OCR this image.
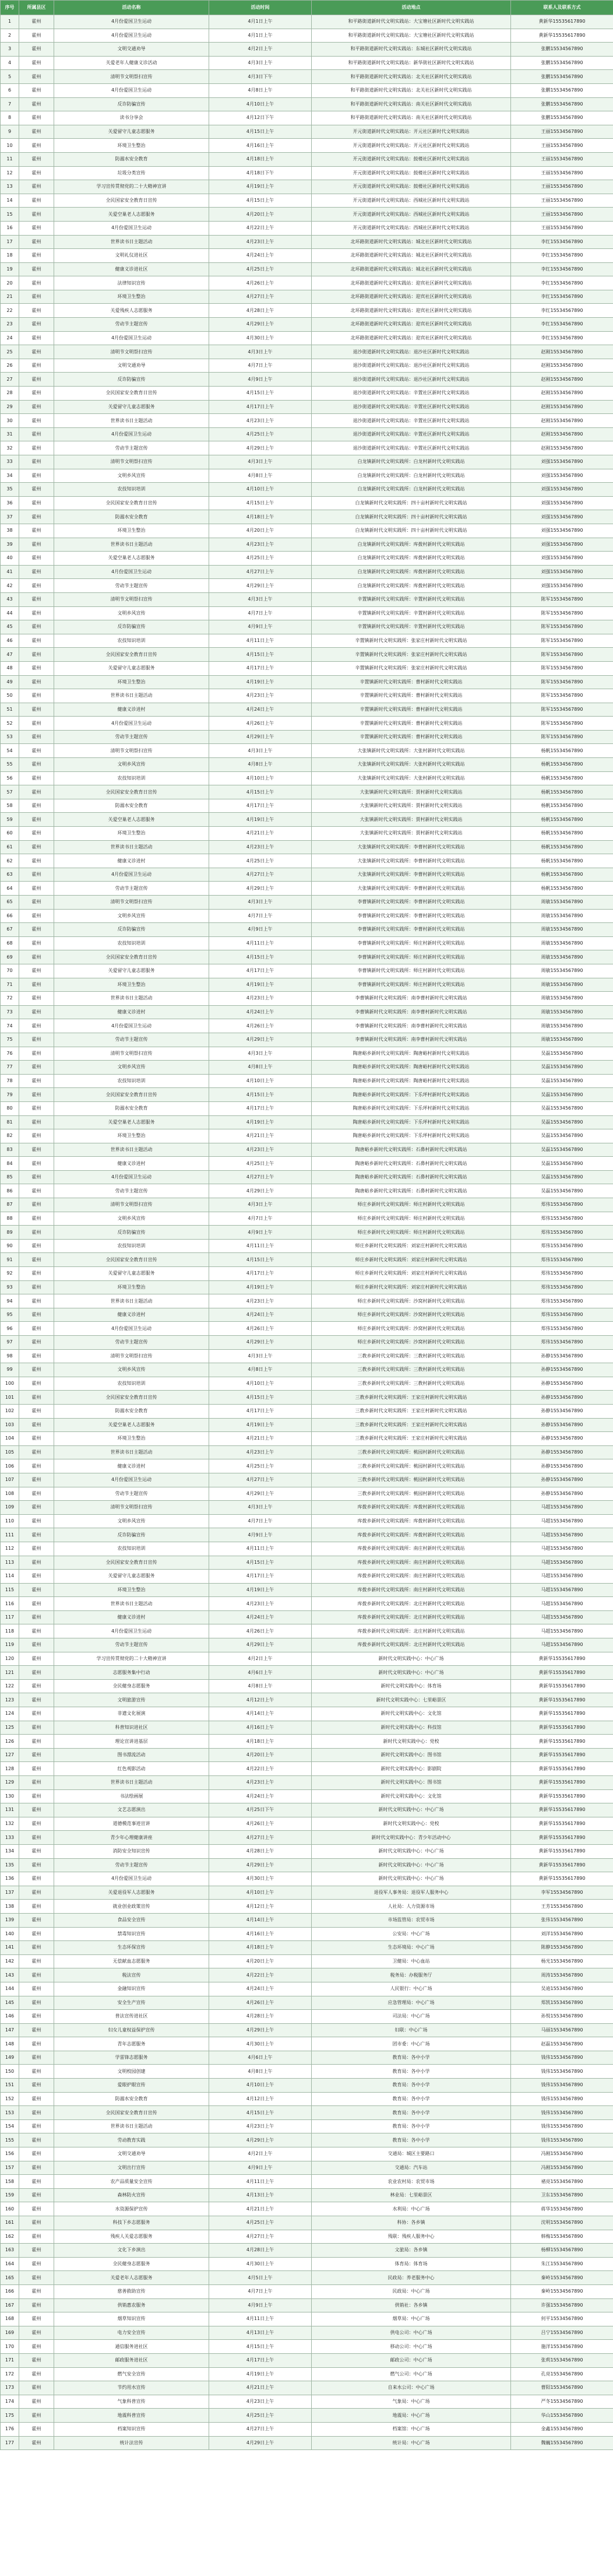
序号	所属县区	活动名称	活动时间	活动地点	联系人及联系方式
1	霍州	4月份爱国卫生运动	4月1日上午	和平路街道新时代文明实践站：大宝塘社区新时代文明实践站	黄新华15535617890
2	霍州	4月份爱国卫生运动	4月1日上午	和平路街道新时代文明实践站：大宝塘社区新时代文明实践站	黄新华15535617890
3	霍州	文明交通劝导	4月2日上午	和平路街道新时代文明实践站：东城社区新时代文明实践站	张鹏15534567890
4	霍州	关爱老年人健康义诊活动	4月3日上午	和平路街道新时代文明实践站：新华街社区新时代文明实践站	张鹏15534567890
5	霍州	清明节文明祭扫宣传	4月3日下午	和平路街道新时代文明实践站：北关社区新时代文明实践站	张鹏15534567890
6	霍州	4月份爱国卫生运动	4月8日上午	和平路街道新时代文明实践站：北关社区新时代文明实践站	张鹏15534567890
7	霍州	反诈防骗宣传	4月10日上午	和平路街道新时代文明实践站：南关社区新时代文明实践站	张鹏15534567890
8	霍州	读书分享会	4月12日下午	和平路街道新时代文明实践站：南关社区新时代文明实践站	张鹏15534567890
9	霍州	关爱留守儿童志愿服务	4月15日上午	开元街道新时代文明实践站：开元社区新时代文明实践站	王丽15534567890
10	霍州	环境卫生整治	4月16日上午	开元街道新时代文明实践站：开元社区新时代文明实践站	王丽15534567890
11	霍州	防溺水安全教育	4月18日上午	开元街道新时代文明实践站：鼓楼社区新时代文明实践站	王丽15534567890
12	霍州	垃圾分类宣传	4月18日下午	开元街道新时代文明实践站：鼓楼社区新时代文明实践站	王丽15534567890
13	霍州	学习宣传贯彻党的二十大精神宣讲	4月19日上午	开元街道新时代文明实践站：鼓楼社区新时代文明实践站	王丽15534567890
14	霍州	全民国家安全教育日宣传	4月15日上午	开元街道新时代文明实践站：西城社区新时代文明实践站	王丽15534567890
15	霍州	关爱空巢老人志愿服务	4月20日上午	开元街道新时代文明实践站：西城社区新时代文明实践站	王丽15534567890
16	霍州	4月份爱国卫生运动	4月22日上午	开元街道新时代文明实践站：西城社区新时代文明实践站	王丽15534567890
17	霍州	世界读书日主题活动	4月23日上午	北环路街道新时代文明实践站：城北社区新时代文明实践站	李红15534567890
18	霍州	文明礼仪进社区	4月24日上午	北环路街道新时代文明实践站：城北社区新时代文明实践站	李红15534567890
19	霍州	健康义诊进社区	4月25日上午	北环路街道新时代文明实践站：城北社区新时代文明实践站	李红15534567890
20	霍州	法律知识宣传	4月26日上午	北环路街道新时代文明实践站：迎宾社区新时代文明实践站	李红15534567890
21	霍州	环境卫生整治	4月27日上午	北环路街道新时代文明实践站：迎宾社区新时代文明实践站	李红15534567890
22	霍州	关爱残疾人志愿服务	4月28日上午	北环路街道新时代文明实践站：迎宾社区新时代文明实践站	李红15534567890
23	霍州	劳动节主题宣传	4月29日上午	北环路街道新时代文明实践站：迎宾社区新时代文明实践站	李红15534567890
24	霍州	4月份爱国卫生运动	4月30日上午	北环路街道新时代文明实践站：迎宾社区新时代文明实践站	李红15534567890
25	霍州	清明节文明祭扫宣传	4月3日上午	退沙街道新时代文明实践站：退沙社区新时代文明实践站	赵刚15534567890
26	霍州	文明交通劝导	4月7日上午	退沙街道新时代文明实践站：退沙社区新时代文明实践站	赵刚15534567890
27	霍州	反诈防骗宣传	4月9日上午	退沙街道新时代文明实践站：退沙社区新时代文明实践站	赵刚15534567890
28	霍州	全民国家安全教育日宣传	4月15日上午	退沙街道新时代文明实践站：辛置社区新时代文明实践站	赵刚15534567890
29	霍州	关爱留守儿童志愿服务	4月17日上午	退沙街道新时代文明实践站：辛置社区新时代文明实践站	赵刚15534567890
30	霍州	世界读书日主题活动	4月23日上午	退沙街道新时代文明实践站：辛置社区新时代文明实践站	赵刚15534567890
31	霍州	4月份爱国卫生运动	4月25日上午	退沙街道新时代文明实践站：辛置社区新时代文明实践站	赵刚15534567890
32	霍州	劳动节主题宣传	4月29日上午	退沙街道新时代文明实践站：辛置社区新时代文明实践站	赵刚15534567890
33	霍州	清明节文明祭扫宣传	4月3日上午	白龙镇新时代文明实践所：白龙村新时代文明实践站	刘强15534567890
34	霍州	文明乡风宣传	4月8日上午	白龙镇新时代文明实践所：白龙村新时代文明实践站	刘强15534567890
35	霍州	农技知识培训	4月10日上午	白龙镇新时代文明实践所：白龙村新时代文明实践站	刘强15534567890
36	霍州	全民国家安全教育日宣传	4月15日上午	白龙镇新时代文明实践所：四十亩村新时代文明实践站	刘强15534567890
37	霍州	防溺水安全教育	4月18日上午	白龙镇新时代文明实践所：四十亩村新时代文明实践站	刘强15534567890
38	霍州	环境卫生整治	4月20日上午	白龙镇新时代文明实践所：四十亩村新时代文明实践站	刘强15534567890
39	霍州	世界读书日主题活动	4月23日上午	白龙镇新时代文明实践所：库拨村新时代文明实践站	刘强15534567890
40	霍州	关爱空巢老人志愿服务	4月25日上午	白龙镇新时代文明实践所：库拨村新时代文明实践站	刘强15534567890
41	霍州	4月份爱国卫生运动	4月27日上午	白龙镇新时代文明实践所：库拨村新时代文明实践站	刘强15534567890
42	霍州	劳动节主题宣传	4月29日上午	白龙镇新时代文明实践所：库拨村新时代文明实践站	刘强15534567890
43	霍州	清明节文明祭扫宣传	4月3日上午	辛置镇新时代文明实践所：辛置村新时代文明实践站	陈军15534567890
44	霍州	文明乡风宣传	4月7日上午	辛置镇新时代文明实践所：辛置村新时代文明实践站	陈军15534567890
45	霍州	反诈防骗宣传	4月9日上午	辛置镇新时代文明实践所：辛置村新时代文明实践站	陈军15534567890
46	霍州	农技知识培训	4月11日上午	辛置镇新时代文明实践所：张家庄村新时代文明实践站	陈军15534567890
47	霍州	全民国家安全教育日宣传	4月15日上午	辛置镇新时代文明实践所：张家庄村新时代文明实践站	陈军15534567890
48	霍州	关爱留守儿童志愿服务	4月17日上午	辛置镇新时代文明实践所：张家庄村新时代文明实践站	陈军15534567890
49	霍州	环境卫生整治	4月19日上午	辛置镇新时代文明实践所：曹村新时代文明实践站	陈军15534567890
50	霍州	世界读书日主题活动	4月23日上午	辛置镇新时代文明实践所：曹村新时代文明实践站	陈军15534567890
51	霍州	健康义诊进村	4月24日上午	辛置镇新时代文明实践所：曹村新时代文明实践站	陈军15534567890
52	霍州	4月份爱国卫生运动	4月26日上午	辛置镇新时代文明实践所：曹村新时代文明实践站	陈军15534567890
53	霍州	劳动节主题宣传	4月29日上午	辛置镇新时代文明实践所：曹村新时代文明实践站	陈军15534567890
54	霍州	清明节文明祭扫宣传	4月3日上午	大张镇新时代文明实践所：大张村新时代文明实践站	杨帆15534567890
55	霍州	文明乡风宣传	4月8日上午	大张镇新时代文明实践所：大张村新时代文明实践站	杨帆15534567890
56	霍州	农技知识培训	4月10日上午	大张镇新时代文明实践所：大张村新时代文明实践站	杨帆15534567890
57	霍州	全民国家安全教育日宣传	4月15日上午	大张镇新时代文明实践所：贾村新时代文明实践站	杨帆15534567890
58	霍州	防溺水安全教育	4月17日上午	大张镇新时代文明实践所：贾村新时代文明实践站	杨帆15534567890
59	霍州	关爱空巢老人志愿服务	4月19日上午	大张镇新时代文明实践所：贾村新时代文明实践站	杨帆15534567890
60	霍州	环境卫生整治	4月21日上午	大张镇新时代文明实践所：贾村新时代文明实践站	杨帆15534567890
61	霍州	世界读书日主题活动	4月23日上午	大张镇新时代文明实践所：李曹村新时代文明实践站	杨帆15534567890
62	霍州	健康义诊进村	4月25日上午	大张镇新时代文明实践所：李曹村新时代文明实践站	杨帆15534567890
63	霍州	4月份爱国卫生运动	4月27日上午	大张镇新时代文明实践所：李曹村新时代文明实践站	杨帆15534567890
64	霍州	劳动节主题宣传	4月29日上午	大张镇新时代文明实践所：李曹村新时代文明实践站	杨帆15534567890
65	霍州	清明节文明祭扫宣传	4月3日上午	李曹镇新时代文明实践所：李曹村新时代文明实践站	周敏15534567890
66	霍州	文明乡风宣传	4月7日上午	李曹镇新时代文明实践所：李曹村新时代文明实践站	周敏15534567890
67	霍州	反诈防骗宣传	4月9日上午	李曹镇新时代文明实践所：李曹村新时代文明实践站	周敏15534567890
68	霍州	农技知识培训	4月11日上午	李曹镇新时代文明实践所：师庄村新时代文明实践站	周敏15534567890
69	霍州	全民国家安全教育日宣传	4月15日上午	李曹镇新时代文明实践所：师庄村新时代文明实践站	周敏15534567890
70	霍州	关爱留守儿童志愿服务	4月17日上午	李曹镇新时代文明实践所：师庄村新时代文明实践站	周敏15534567890
71	霍州	环境卫生整治	4月19日上午	李曹镇新时代文明实践所：师庄村新时代文明实践站	周敏15534567890
72	霍州	世界读书日主题活动	4月23日上午	李曹镇新时代文明实践所：南李曹村新时代文明实践站	周敏15534567890
73	霍州	健康义诊进村	4月24日上午	李曹镇新时代文明实践所：南李曹村新时代文明实践站	周敏15534567890
74	霍州	4月份爱国卫生运动	4月26日上午	李曹镇新时代文明实践所：南李曹村新时代文明实践站	周敏15534567890
75	霍州	劳动节主题宣传	4月29日上午	李曹镇新时代文明实践所：南李曹村新时代文明实践站	周敏15534567890
76	霍州	清明节文明祭扫宣传	4月3日上午	陶唐峪乡新时代文明实践所：陶唐峪村新时代文明实践站	吴磊15534567890
77	霍州	文明乡风宣传	4月8日上午	陶唐峪乡新时代文明实践所：陶唐峪村新时代文明实践站	吴磊15534567890
78	霍州	农技知识培训	4月10日上午	陶唐峪乡新时代文明实践所：陶唐峪村新时代文明实践站	吴磊15534567890
79	霍州	全民国家安全教育日宣传	4月15日上午	陶唐峪乡新时代文明实践所：下乐坪村新时代文明实践站	吴磊15534567890
80	霍州	防溺水安全教育	4月17日上午	陶唐峪乡新时代文明实践所：下乐坪村新时代文明实践站	吴磊15534567890
81	霍州	关爱空巢老人志愿服务	4月19日上午	陶唐峪乡新时代文明实践所：下乐坪村新时代文明实践站	吴磊15534567890
82	霍州	环境卫生整治	4月21日上午	陶唐峪乡新时代文明实践所：下乐坪村新时代文明实践站	吴磊15534567890
83	霍州	世界读书日主题活动	4月23日上午	陶唐峪乡新时代文明实践所：石鼻村新时代文明实践站	吴磊15534567890
84	霍州	健康义诊进村	4月25日上午	陶唐峪乡新时代文明实践所：石鼻村新时代文明实践站	吴磊15534567890
85	霍州	4月份爱国卫生运动	4月27日上午	陶唐峪乡新时代文明实践所：石鼻村新时代文明实践站	吴磊15534567890
86	霍州	劳动节主题宣传	4月29日上午	陶唐峪乡新时代文明实践所：石鼻村新时代文明实践站	吴磊15534567890
87	霍州	清明节文明祭扫宣传	4月3日上午	师庄乡新时代文明实践所：师庄村新时代文明实践站	郑伟15534567890
88	霍州	文明乡风宣传	4月7日上午	师庄乡新时代文明实践所：师庄村新时代文明实践站	郑伟15534567890
89	霍州	反诈防骗宣传	4月9日上午	师庄乡新时代文明实践所：师庄村新时代文明实践站	郑伟15534567890
90	霍州	农技知识培训	4月11日上午	师庄乡新时代文明实践所：刘家庄村新时代文明实践站	郑伟15534567890
91	霍州	全民国家安全教育日宣传	4月15日上午	师庄乡新时代文明实践所：刘家庄村新时代文明实践站	郑伟15534567890
92	霍州	关爱留守儿童志愿服务	4月17日上午	师庄乡新时代文明实践所：刘家庄村新时代文明实践站	郑伟15534567890
93	霍州	环境卫生整治	4月19日上午	师庄乡新时代文明实践所：刘家庄村新时代文明实践站	郑伟15534567890
94	霍州	世界读书日主题活动	4月23日上午	师庄乡新时代文明实践所：沙窝村新时代文明实践站	郑伟15534567890
95	霍州	健康义诊进村	4月24日上午	师庄乡新时代文明实践所：沙窝村新时代文明实践站	郑伟15534567890
96	霍州	4月份爱国卫生运动	4月26日上午	师庄乡新时代文明实践所：沙窝村新时代文明实践站	郑伟15534567890
97	霍州	劳动节主题宣传	4月29日上午	师庄乡新时代文明实践所：沙窝村新时代文明实践站	郑伟15534567890
98	霍州	清明节文明祭扫宣传	4月3日上午	三教乡新时代文明实践所：三教村新时代文明实践站	孙静15534567890
99	霍州	文明乡风宣传	4月8日上午	三教乡新时代文明实践所：三教村新时代文明实践站	孙静15534567890
100	霍州	农技知识培训	4月10日上午	三教乡新时代文明实践所：三教村新时代文明实践站	孙静15534567890
101	霍州	全民国家安全教育日宣传	4月15日上午	三教乡新时代文明实践所：王家庄村新时代文明实践站	孙静15534567890
102	霍州	防溺水安全教育	4月17日上午	三教乡新时代文明实践所：王家庄村新时代文明实践站	孙静15534567890
103	霍州	关爱空巢老人志愿服务	4月19日上午	三教乡新时代文明实践所：王家庄村新时代文明实践站	孙静15534567890
104	霍州	环境卫生整治	4月21日上午	三教乡新时代文明实践所：王家庄村新时代文明实践站	孙静15534567890
105	霍州	世界读书日主题活动	4月23日上午	三教乡新时代文明实践所：桃园村新时代文明实践站	孙静15534567890
106	霍州	健康义诊进村	4月25日上午	三教乡新时代文明实践所：桃园村新时代文明实践站	孙静15534567890
107	霍州	4月份爱国卫生运动	4月27日上午	三教乡新时代文明实践所：桃园村新时代文明实践站	孙静15534567890
108	霍州	劳动节主题宣传	4月29日上午	三教乡新时代文明实践所：桃园村新时代文明实践站	孙静15534567890
109	霍州	清明节文明祭扫宣传	4月3日上午	库拨乡新时代文明实践所：库拨村新时代文明实践站	马超15534567890
110	霍州	文明乡风宣传	4月7日上午	库拨乡新时代文明实践所：库拨村新时代文明实践站	马超15534567890
111	霍州	反诈防骗宣传	4月9日上午	库拨乡新时代文明实践所：库拨村新时代文明实践站	马超15534567890
112	霍州	农技知识培训	4月11日上午	库拨乡新时代文明实践所：南庄村新时代文明实践站	马超15534567890
113	霍州	全民国家安全教育日宣传	4月15日上午	库拨乡新时代文明实践所：南庄村新时代文明实践站	马超15534567890
114	霍州	关爱留守儿童志愿服务	4月17日上午	库拨乡新时代文明实践所：南庄村新时代文明实践站	马超15534567890
115	霍州	环境卫生整治	4月19日上午	库拨乡新时代文明实践所：南庄村新时代文明实践站	马超15534567890
116	霍州	世界读书日主题活动	4月23日上午	库拨乡新时代文明实践所：北庄村新时代文明实践站	马超15534567890
117	霍州	健康义诊进村	4月24日上午	库拨乡新时代文明实践所：北庄村新时代文明实践站	马超15534567890
118	霍州	4月份爱国卫生运动	4月26日上午	库拨乡新时代文明实践所：北庄村新时代文明实践站	马超15534567890
119	霍州	劳动节主题宣传	4月29日上午	库拨乡新时代文明实践所：北庄村新时代文明实践站	马超15534567890
120	霍州	学习宣传贯彻党的二十大精神宣讲	4月2日上午	新时代文明实践中心：中心广场	黄新华15535617890
121	霍州	志愿服务集中行动	4月6日上午	新时代文明实践中心：中心广场	黄新华15535617890
122	霍州	全民健身志愿服务	4月8日上午	新时代文明实践中心：体育场	黄新华15535617890
123	霍州	文明旅游宣传	4月12日上午	新时代文明实践中心：七里峪景区	黄新华15535617890
124	霍州	非遗文化展演	4月14日上午	新时代文明实践中心：文化馆	黄新华15535617890
125	霍州	科普知识进社区	4月16日上午	新时代文明实践中心：科技馆	黄新华15535617890
126	霍州	理论宣讲进基层	4月18日上午	新时代文明实践中心：党校	黄新华15535617890
127	霍州	图书漂流活动	4月20日上午	新时代文明实践中心：图书馆	黄新华15535617890
128	霍州	红色观影活动	4月22日上午	新时代文明实践中心：影剧院	黄新华15535617890
129	霍州	世界读书日主题活动	4月23日上午	新时代文明实践中心：图书馆	黄新华15535617890
130	霍州	书法绘画展	4月24日上午	新时代文明实践中心：文化馆	黄新华15535617890
131	霍州	文艺志愿演出	4月25日下午	新时代文明实践中心：中心广场	黄新华15535617890
132	霍州	道德模范事迹宣讲	4月26日上午	新时代文明实践中心：党校	黄新华15535617890
133	霍州	青少年心理健康讲座	4月27日上午	新时代文明实践中心：青少年活动中心	黄新华15535617890
134	霍州	消防安全知识宣传	4月28日上午	新时代文明实践中心：中心广场	黄新华15535617890
135	霍州	劳动节主题宣传	4月29日上午	新时代文明实践中心：中心广场	黄新华15535617890
136	霍州	4月份爱国卫生运动	4月30日上午	新时代文明实践中心：中心广场	黄新华15535617890
137	霍州	关爱退役军人志愿服务	4月10日上午	退役军人事务局：退役军人服务中心	李军15534567890
138	霍州	就业创业政策宣传	4月12日上午	人社局：人力资源市场	王芳15534567890
139	霍州	食品安全宣传	4月14日上午	市场监管局：农贸市场	张伟15534567890
140	霍州	禁毒知识宣传	4月16日上午	公安局：中心广场	刘洋15534567890
141	霍州	生态环保宣传	4月18日上午	生态环境局：中心广场	陈静15534567890
142	霍州	无偿献血志愿服务	4月20日上午	卫健局：中心血站	杨光15534567890
143	霍州	税法宣传	4月22日上午	税务局：办税服务厅	周涛15534567890
144	霍州	金融知识宣传	4月24日上午	人民银行：中心广场	吴迪15534567890
145	霍州	安全生产宣传	4月26日上午	应急管理局：中心广场	郑凯15534567890
146	霍州	普法宣传进社区	4月28日上午	司法局：中心广场	孙悦15534567890
147	霍州	妇女儿童权益保护宣传	4月29日上午	妇联：中心广场	马丽15534567890
148	霍州	青年志愿服务	4月30日上午	团市委：中心广场	赵磊15534567890
149	霍州	学雷锋志愿服务	4月6日上午	教育局：各中小学	钱伟15534567890
150	霍州	文明校园创建	4月8日上午	教育局：各中小学	钱伟15534567890
151	霍州	爱眼护眼宣传	4月10日上午	教育局：各中小学	钱伟15534567890
152	霍州	防溺水安全教育	4月12日上午	教育局：各中小学	钱伟15534567890
153	霍州	全民国家安全教育日宣传	4月15日上午	教育局：各中小学	钱伟15534567890
154	霍州	世界读书日主题活动	4月23日上午	教育局：各中小学	钱伟15534567890
155	霍州	劳动教育实践	4月29日上午	教育局：各中小学	钱伟15534567890
156	霍州	文明交通劝导	4月2日上午	交通局：城区主要路口	冯刚15534567890
157	霍州	文明出行宣传	4月9日上午	交通局：汽车站	冯刚15534567890
158	霍州	农产品质量安全宣传	4月11日上午	农业农村局：农贸市场	褚亮15534567890
159	霍州	森林防火宣传	4月13日上午	林业局：七里峪景区	卫东15534567890
160	霍州	水资源保护宣传	4月21日上午	水利局：中心广场	蒋华15534567890
161	霍州	科技下乡志愿服务	4月25日上午	科协：各乡镇	沈明15534567890
162	霍州	残疾人关爱志愿服务	4月27日上午	残联：残疾人服务中心	韩梅15534567890
163	霍州	文化下乡演出	4月28日上午	文旅局：各乡镇	杨柳15534567890
164	霍州	全民健身志愿服务	4月30日上午	体育局：体育场	朱江15534567890
165	霍州	关爱老年人志愿服务	4月5日上午	民政局：养老服务中心	秦岭15534567890
166	霍州	慈善救助宣传	4月7日上午	民政局：中心广场	秦岭15534567890
167	霍州	供销惠农服务	4月9日上午	供销社：各乡镇	许强15534567890
168	霍州	烟草知识宣传	4月11日上午	烟草局：中心广场	何平15534567890
169	霍州	电力安全宣传	4月13日上午	供电公司：中心广场	吕宁15534567890
170	霍州	通信服务进社区	4月15日上午	移动公司：中心广场	施洋15534567890
171	霍州	邮政服务进社区	4月17日上午	邮政公司：中心广场	张莉15534567890
172	霍州	燃气安全宣传	4月19日上午	燃气公司：中心广场	孔亮15534567890
173	霍州	节约用水宣传	4月21日上午	自来水公司：中心广场	曹阳15534567890
174	霍州	气象科普宣传	4月23日上午	气象局：中心广场	严冬15534567890
175	霍州	地震科普宣传	4月25日上午	地震局：中心广场	华山15534567890
176	霍州	档案知识宣传	4月27日上午	档案馆：中心广场	金鑫15534567890
177	霍州	统计法宣传	4月29日上午	统计局：中心广场	魏巍15534567890
